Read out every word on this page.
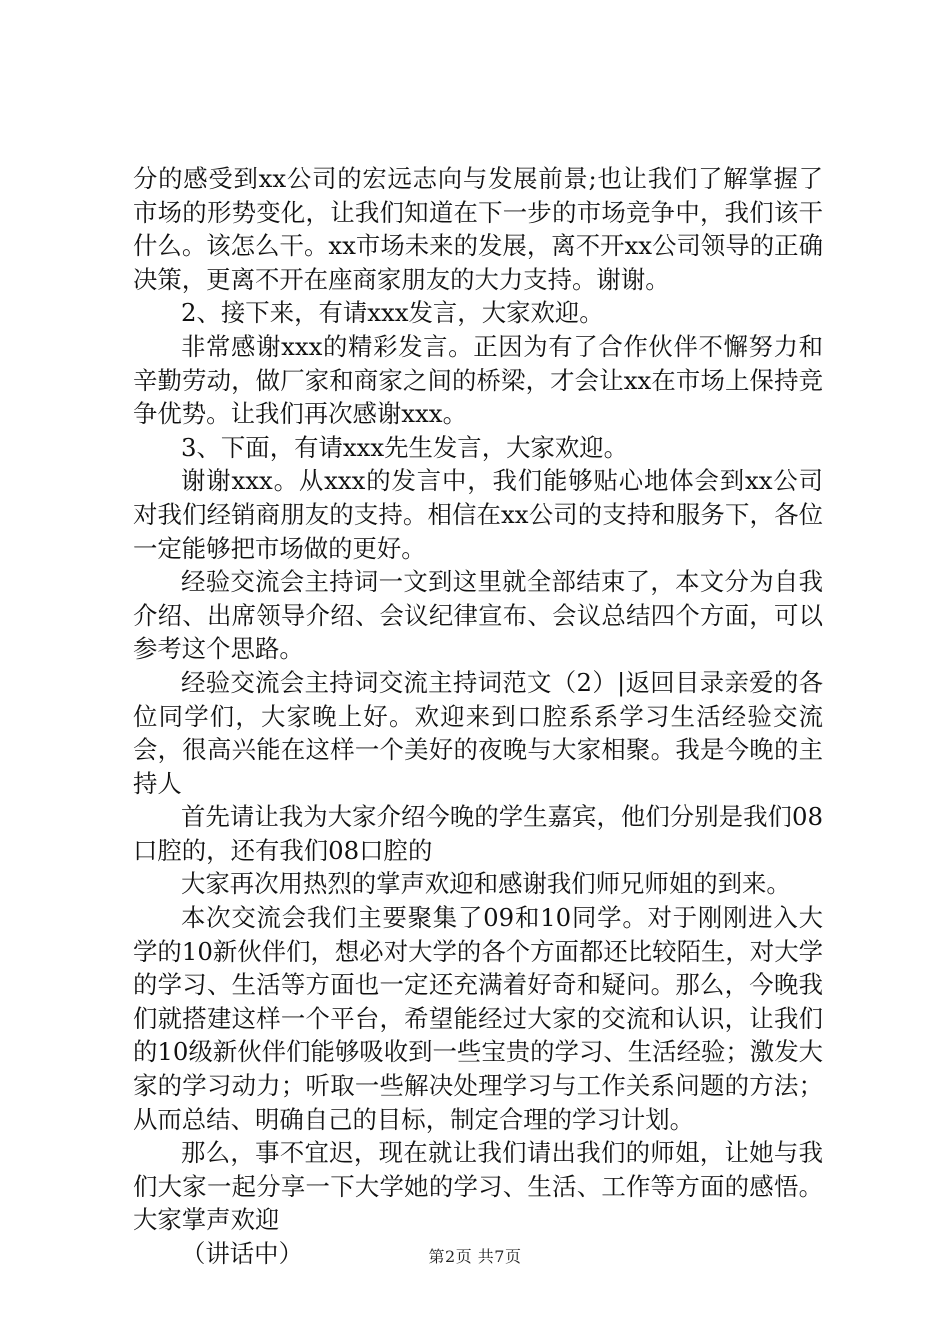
分的感受到xx公司的宏远志向与发展前景;也让我们了解掌握了市场的形势变化，让我们知道在下一步的市场竞争中，我们该干什么。该怎么干。xx市场未来的发展，离不开xx公司领导的正确决策，更离不开在座商家朋友的大力支持。谢谢。

2、接下来，有请xxx发言，大家欢迎。

非常感谢xxx的精彩发言。正因为有了合作伙伴不懈努力和辛勤劳动，做厂家和商家之间的桥梁，才会让xx在市场上保持竞争优势。让我们再次感谢xxx。

3、下面，有请xxx先生发言，大家欢迎。

谢谢xxx。从xxx的发言中，我们能够贴心地体会到xx公司对我们经销商朋友的支持。相信在xx公司的支持和服务下，各位一定能够把市场做的更好。

经验交流会主持词一文到这里就全部结束了，本文分为自我介绍、出席领导介绍、会议纪律宣布、会议总结四个方面，可以参考这个思路。

经验交流会主持词交流主持词范文（2）|返回目录亲爱的各位同学们，大家晚上好。欢迎来到口腔系系学习生活经验交流会，很高兴能在这样一个美好的夜晚与大家相聚。我是今晚的主持人

首先请让我为大家介绍今晚的学生嘉宾，他们分别是我们08口腔的，还有我们08口腔的

大家再次用热烈的掌声欢迎和感谢我们师兄师姐的到来。

本次交流会我们主要聚集了09和10同学。对于刚刚进入大学的10新伙伴们，想必对大学的各个方面都还比较陌生，对大学的学习、生活等方面也一定还充满着好奇和疑问。那么，今晚我们就搭建这样一个平台，希望能经过大家的交流和认识，让我们的10级新伙伴们能够吸收到一些宝贵的学习、生活经验；激发大家的学习动力；听取一些解决处理学习与工作关系问题的方法；从而总结、明确自己的目标，制定合理的学习计划。

那么，事不宜迟，现在就让我们请出我们的师姐，让她与我们大家一起分享一下大学她的学习、生活、工作等方面的感悟。大家掌声欢迎

（讲话中）	第2页 共7页
